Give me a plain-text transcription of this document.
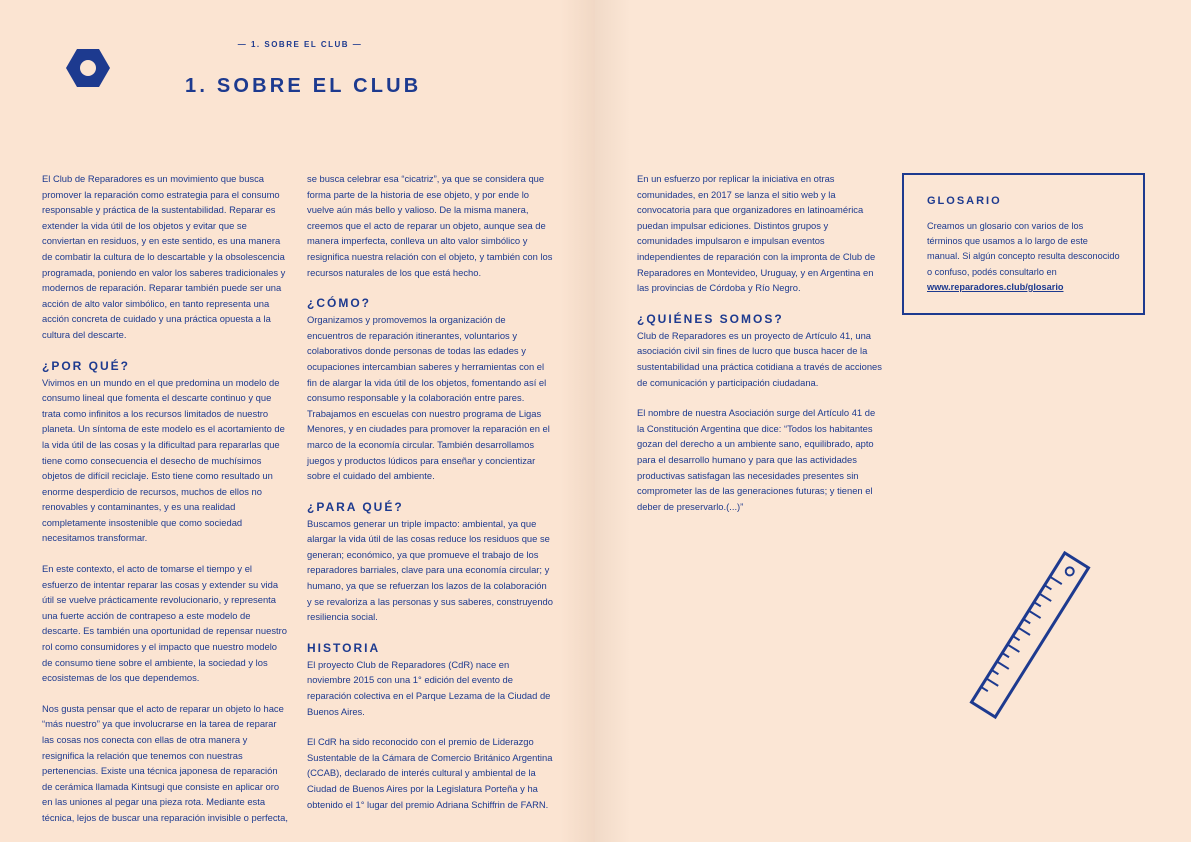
— 1. SOBRE EL CLUB —
1. SOBRE EL CLUB

El Club de Reparadores es un movimiento que busca promover la reparación como estrategia para el consumo responsable y práctica de la sustentabilidad. Reparar es extender la vida útil de los objetos y evitar que se conviertan en residuos, y en este sentido, es una manera de combatir la cultura de lo descartable y la obsolescencia programada, poniendo en valor los saberes tradicionales y modernos de reparación. Reparar también puede ser una acción de alto valor simbólico, en tanto representa una acción concreta de cuidado y una práctica opuesta a la cultura del descarte.

¿POR QUÉ?

Vivimos en un mundo en el que predomina un modelo de consumo lineal que fomenta el descarte continuo y que trata como infinitos a los recursos limitados de nuestro planeta. Un síntoma de este modelo es el acortamiento de la vida útil de las cosas y la dificultad para repararlas que tiene como consecuencia el desecho de muchísimos objetos de difícil reciclaje. Esto tiene como resultado un enorme desperdicio de recursos, muchos de ellos no renovables y contaminantes, y es una realidad completamente insostenible que como sociedad necesitamos transformar.

En este contexto, el acto de tomarse el tiempo y el esfuerzo de intentar reparar las cosas y extender su vida útil se vuelve prácticamente revolucionario, y representa una fuerte acción de contrapeso a este modelo de descarte. Es también una oportunidad de repensar nuestro rol como consumidores y el impacto que nuestro modelo de consumo tiene sobre el ambiente, la sociedad y los ecosistemas de los que dependemos.

Nos gusta pensar que el acto de reparar un objeto lo hace “más nuestro” ya que involucrarse en la tarea de reparar las cosas nos conecta con ellas de otra manera y resignifica la relación que tenemos con nuestras pertenencias. Existe una técnica japonesa de reparación de cerámica llamada Kintsugi que consiste en aplicar oro en las uniones al pegar una pieza rota. Mediante esta técnica, lejos de buscar una reparación invisible o perfecta,

se busca celebrar esa “cicatriz”, ya que se considera que forma parte de la historia de ese objeto, y por ende lo vuelve aún más bello y valioso. De la misma manera, creemos que el acto de reparar un objeto, aunque sea de manera imperfecta, conlleva un alto valor simbólico y resignifica nuestra relación con el objeto, y también con los recursos naturales de los que está hecho.

¿CÓMO?

Organizamos y promovemos la organización de encuentros de reparación itinerantes, voluntarios y colaborativos donde personas de todas las edades y ocupaciones intercambian saberes y herramientas con el fin de alargar la vida útil de los objetos, fomentando así el consumo responsable y la colaboración entre pares. Trabajamos en escuelas con nuestro programa de Ligas Menores, y en ciudades para promover la reparación en el marco de la economía circular. También desarrollamos juegos y productos lúdicos para enseñar y concientizar sobre el cuidado del ambiente.

¿PARA QUÉ?

Buscamos generar un triple impacto: ambiental, ya que alargar la vida útil de las cosas reduce los residuos que se generan; económico, ya que promueve el trabajo de los reparadores barriales, clave para una economía circular; y humano, ya que se refuerzan los lazos de la colaboración y se revaloriza a las personas y sus saberes, construyendo resiliencia social.

HISTORIA

El proyecto Club de Reparadores (CdR) nace en noviembre 2015 con una 1° edición del evento de reparación colectiva en el Parque Lezama de la Ciudad de Buenos Aires.

El CdR ha sido reconocido con el premio de Liderazgo Sustentable de la Cámara de Comercio Británico Argentina (CCAB), declarado de interés cultural y ambiental de la Ciudad de Buenos Aires por la Legislatura Porteña y ha obtenido el 1° lugar del premio Adriana Schiffrin de FARN.

En un esfuerzo por replicar la iniciativa en otras comunidades, en 2017 se lanza el sitio web y la convocatoria para que organizadores en latinoamérica puedan impulsar ediciones. Distintos grupos y comunidades impulsaron e impulsan eventos independientes de reparación con la impronta de Club de Reparadores en Montevideo, Uruguay, y en Argentina en las provincias de Córdoba y Río Negro.

¿QUIÉNES SOMOS?

Club de Reparadores es un proyecto de Artículo 41, una asociación civil sin fines de lucro que busca hacer de la sustentabilidad una práctica cotidiana a través de acciones de comunicación y participación ciudadana.

El nombre de nuestra Asociación surge del Artículo 41 de la Constitución Argentina que dice: “Todos los habitantes gozan del derecho a un ambiente sano, equilibrado, apto para el desarrollo humano y para que las actividades productivas satisfagan las necesidades presentes sin comprometer las de las generaciones futuras; y tienen el deber de preservarlo.(...)”

GLOSARIO

Creamos un glosario con varios de los términos que usamos a lo largo de este manual. Si algún concepto resulta desconocido o confuso, podés consultarlo en www.reparadores.club/glosario
